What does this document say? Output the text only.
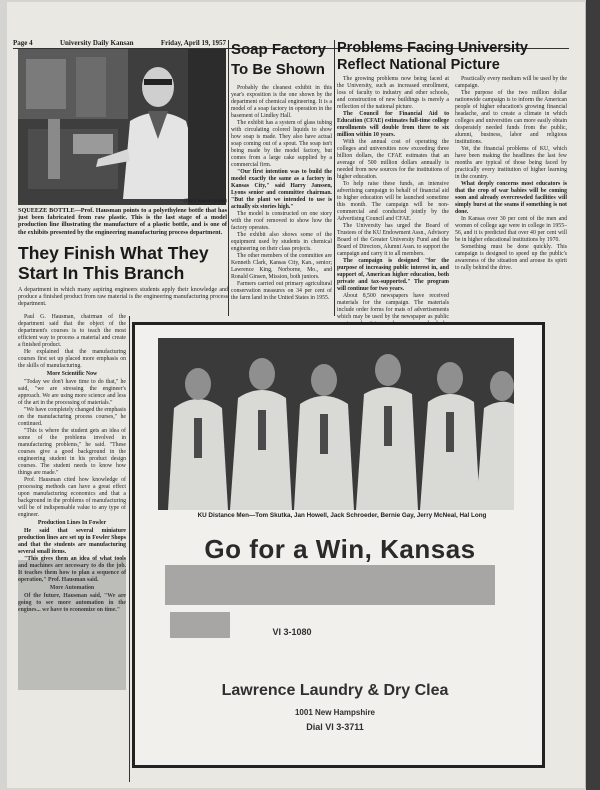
Page 4	University Daily Kansan	Friday, April 19, 1957
—(Daily Kansan photo)
SQUEEZE BOTTLE—Prof. Hausman points to a polyethylene bottle that has just been fabricated from raw plastic. This is the last stage of a model production line illustrating the manufacture of a plastic bottle, and is one of the exhibits presented by the engineering manufacturing process department.
They Finish What They Start In This Branch
A department in which many aspiring engineers students apply their knowledge and produce a finished product from raw material is the engineering manufacturing process department.

Paul G. Hausman, chairman of the department said that the object of the department's courses is to teach the most efficient way to process a material and create a finished product.

He explained that the manufacturing courses first set up placed more emphasis on the skills of manufacturing.

More Scientific Now

"Today we don't have time to do that," he said, "we are stressing the engineer's approach. We are using more science and less of the art in the processing of materials."

"We have completely changed the emphasis on the manufacturing process courses," he continued.

"This is where the student gets an idea of some of the problems involved in manufacturing problems," he said. "These courses give a good background in the engineering student in his product design courses. The student needs to know how things are made."

Prof. Hausman cited how knowledge of processing methods can have a great effect upon manufacturing economics and that a background in the problems of manufacturing will be of indispensable value to any type of engineer.

Production Lines In Fowler

He said that several miniature production lines are set up in Fowler Shops and that the students are manufacturing several small items.

"This gives them an idea of what tools and machines are necessary to do the job. It teaches them how to plan a sequence of operation," Prof. Hausman said.

More Automation

Of the future, Hausman said, "We are going to see more automation in the engines... we have to economize on time."

Soap Factory To Be Shown

Probably the cleanest exhibit in this year's exposition is the one shown by the department of chemical engineering. It is a model of a soap factory in operation in the basement of Lindley Hall.

The exhibit has a system of glass tubing with circulating colored liquids to show how soap is made. They also have actual soap coming out of a spout. The soap isn't being made by the model factory, but comes from a large cake supplied by a commercial firm.

"Our first intention was to build the model exactly the same as a factory in Kansas City," said Harry Janssen, Lyons senior and committee chairman. "But the plant we intended to use is actually six stories high."

The model is constructed on one story with the roof removed to show how the factory operates.

The exhibit also shows some of the equipment used by students in chemical engineering on their class projects.

The other members of the committee are Kenneth Clark, Kansas City, Kan., senior; Lawrence King, Norborne, Mo., and Ronald Ginsen, Mission, both juniors.

Farmers carried out primary agricultural conservation measures on 34 per cent of the farm land in the United States in 1955.

Problems Facing University Reflect National Picture

The growing problems now being faced at the University, such as increased enrollment, loss of faculty to industry and other schools, and construction of new buildings is merely a reflection of the national picture.

The Council for Financial Aid to Education (CFAE) estimates full-time college enrollments will double from three to six million within 10 years.

With the annual cost of operating the colleges and universities now exceeding three billion dollars, the CFAE estimates that an average of 500 million dollars annually is needed from new sources for the institutions of higher education.

To help raise these funds, an intensive advertising campaign to behalf of financial aid to higher education will be launched sometime this month. The campaign will be non-commercial and conducted jointly by the Advertising Council and CFAE.

The University has urged the Board of Trustees of the KU Endowment Assn., Advisory Board of the Greater University Fund and the Board of Directors, Alumni Assn. to support the campaign and carry it to all members.

The campaign is designed "for the purpose of increasing public interest in, and support of, American higher education, both private and tax-supported." The program will continue for two years.

About 8,500 newspapers have received materials for the campaign. The materials include order forms for mats of advertisements which may be used by the newspaper as public

Practically every medium will be used by the campaign.

The purpose of the two million dollar nationwide campaign is to inform the American people of higher education's growing financial headache, and to create a climate in which colleges and universities can more easily obtain desperately needed funds from the public, alumni, business, labor and religious institutions.

Yet, the financial problems of KU, which have been making the headlines the last few months are typical of those being faced by practically every institution of higher learning in the country.

What deeply concerns most educators is that the crop of war babies will be coming soon and already overcrowded facilities will simply burst at the seams if something is not done.

In Kansas over 30 per cent of the men and women of college age were in college in 1955–56, and it is predicted that over 40 per cent will be in higher educational institutions by 1970.

Something must be done quickly. This campaign is designed to speed up the public's awareness of the situation and arouse its spirit to rally behind the drive.

KU Distance Men—Tom Skutka, Jan Howell, Jack Schroeder, Bernie Gay, Jerry McNeal, Hal Long
Go for a Win, Kansas
VI 3-1080
Lawrence Laundry & Dry Clea
1001 New Hampshire
Dial VI 3-3711
